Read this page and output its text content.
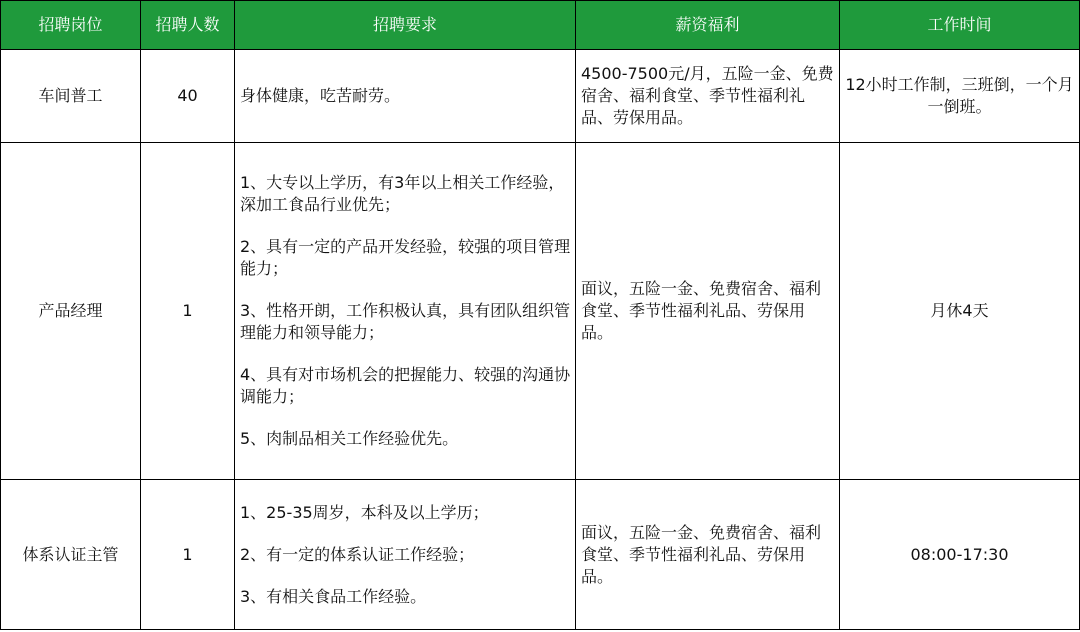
招聘岗位	招聘人数	招聘要求	薪资福利	工作时间
车间普工	40	身体健康，吃苦耐劳。	4500-7500元/月，五险一金、免费宿舍、福利食堂、季节性福利礼品、劳保用品。	12小时工作制，三班倒，一个月一倒班。
产品经理	1	1、大专以上学历，有3年以上相关工作经验，深加工食品行业优先；

2、具有一定的产品开发经验，较强的项目管理能力；

3、性格开朗，工作积极认真，具有团队组织管理能力和领导能力；

4、具有对市场机会的把握能力、较强的沟通协调能力；

5、肉制品相关工作经验优先。	面议，五险一金、免费宿舍、福利食堂、季节性福利礼品、劳保用品。	月休4天
体系认证主管	1	1、25-35周岁，本科及以上学历；

2、有一定的体系认证工作经验；

3、有相关食品工作经验。	面议，五险一金、免费宿舍、福利食堂、季节性福利礼品、劳保用品。	08:00-17:30
